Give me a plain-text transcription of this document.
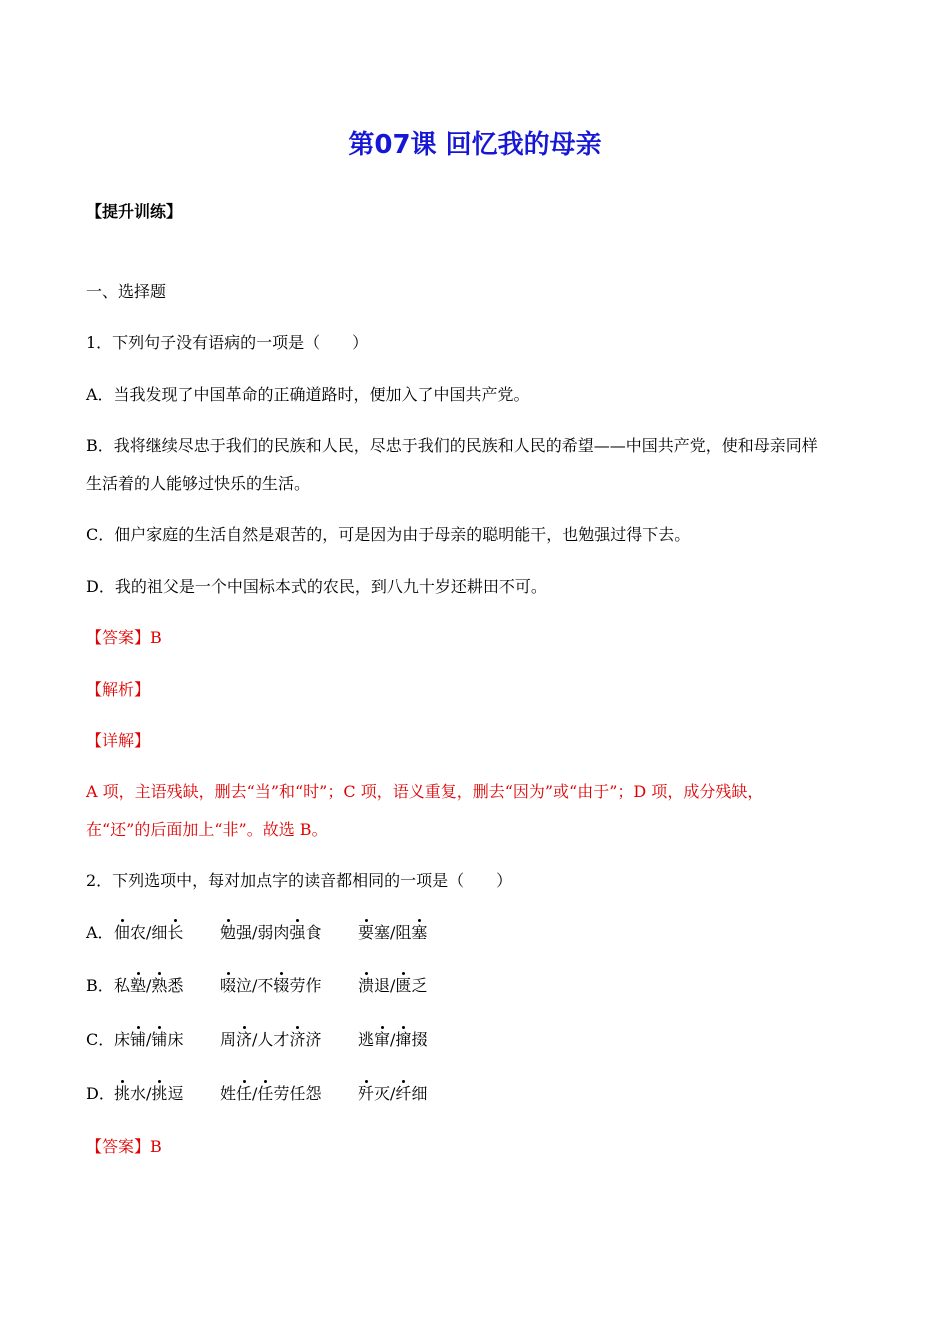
第07课 回忆我的母亲
【提升训练】
一、选择题
1．下列句子没有语病的一项是（　　）
A．当我发现了中国革命的正确道路时，便加入了中国共产党。
B．我将继续尽忠于我们的民族和人民，尽忠于我们的民族和人民的希望——中国共产党，使和母亲同样
生活着的人能够过快乐的生活。
C．佃户家庭的生活自然是艰苦的，可是因为由于母亲的聪明能干，也勉强过得下去。
D．我的祖父是一个中国标本式的农民，到八九十岁还耕田不可。
【答案】B
【解析】
【详解】
A 项，主语残缺，删去“当”和“时”；C 项，语义重复，删去“因为”或“由于”；D 项，成分残缺，
在“还”的后面加上“非”。故选 B。
2．下列选项中，每对加点字的读音都相同的一项是（　　）
A． 佃农/细长 勉强/弱肉强食 要塞/阻塞
B． 私塾/熟悉 啜泣/不辍劳作 溃退/匮乏
C． 床铺/铺床 周济/人才济济 逃窜/撺掇
D． 挑水/挑逗 姓任/任劳任怨 歼灭/纤细
【答案】B
